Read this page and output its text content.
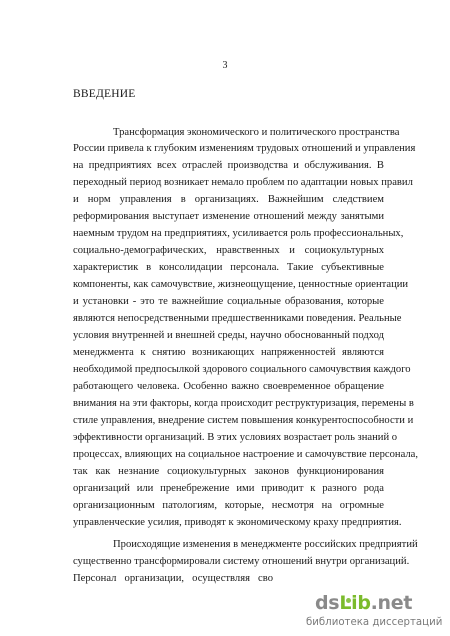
3
ВВЕДЕНИЕ
Трансформация экономического и политического пространства
России привела к глубоким изменениям трудовых отношений и управления
на предприятиях всех отраслей производства и обслуживания. В
переходный период возникает немало проблем по адаптации новых правил
и норм управления в организациях. Важнейшим следствием
реформирования выступает изменение отношений между занятыми
наемным трудом на предприятиях, усиливается роль профессиональных,
социально-демографических, нравственных и социокультурных
характеристик в консолидации персонала. Такие субъективные
компоненты, как самочувствие, жизнеощущение, ценностные ориентации
и установки - это те важнейшие социальные образования, которые
являются непосредственными предшественниками поведения. Реальные
условия внутренней и внешней среды, научно обоснованный подход
менеджмента к снятию возникающих напряженностей являются
необходимой предпосылкой здорового социального самочувствия каждого
работающего человека. Особенно важно своевременное обращение
внимания на эти факторы, когда происходит реструктуризация, перемены в
стиле управления, внедрение систем повышения конкурентоспособности и
эффективности организаций. В этих условиях возрастает роль знаний о
процессах, влияющих на социальное настроение и самочувствие персонала,
так как незнание социокультурных законов функционирования
организаций или пренебрежение ими приводит к разного рода
организационным патологиям, которые, несмотря на огромные
управленческие усилия, приводят к экономическому краху предприятия.
Происходящие изменения в менеджменте российских предприятий
существенно трансформировали систему отношений внутри организаций.
Персонал организации, осуществляя сво
dsLib.net
библиотека диссертаций
